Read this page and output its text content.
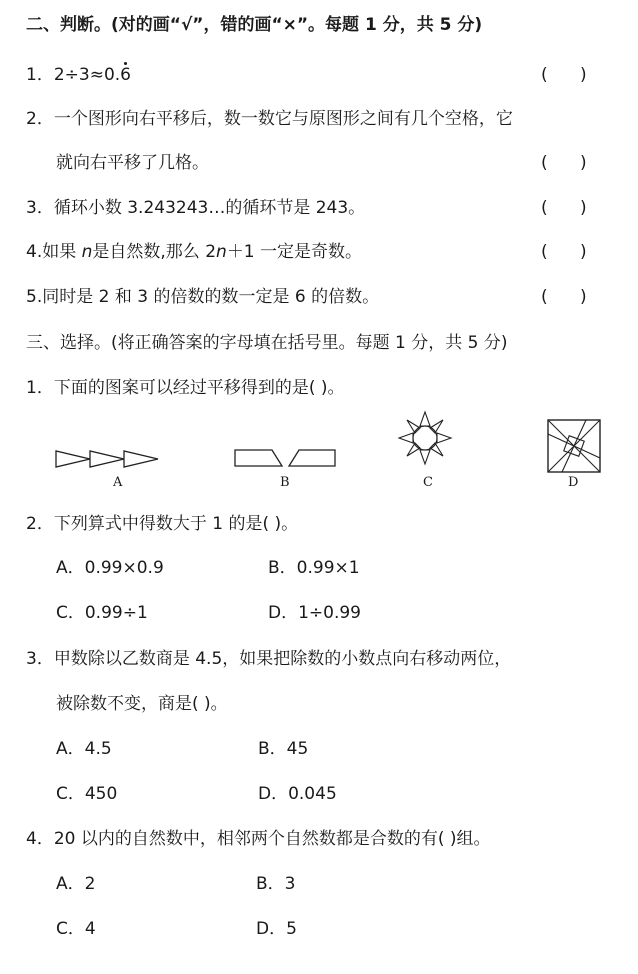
二、判断。(对的画“√”，错的画“×”。每题 1 分，共 5 分)
1．2÷3≈0.
6	(      )
2．一个图形向右平移后，数一数它与原图形之间有几个空格，它
就向右平移了几格。	(      )
3．循环小数 3.243243…的循环节是 243。	(      )
4.如果 n是自然数,那么 2n＋1 一定是奇数。	(      )
5.同时是 2 和 3 的倍数的数一定是 6 的倍数。	(      )
三、选择。(将正确答案的字母填在括号里。每题 1 分，共 5 分)
1．下面的图案可以经过平移得到的是( )。
A	B	C	D
2．下列算式中得数大于 1 的是( )。
A．0.99×0.9	B．0.99×1
C．0.99÷1	D．1÷0.99
3．甲数除以乙数商是 4.5，如果把除数的小数点向右移动两位，
被除数不变，商是( )。
A．4.5	B．45
C．450	D．0.045
4．20 以内的自然数中，相邻两个自然数都是合数的有( )组。
A．2	B．3
C．4	D．5
